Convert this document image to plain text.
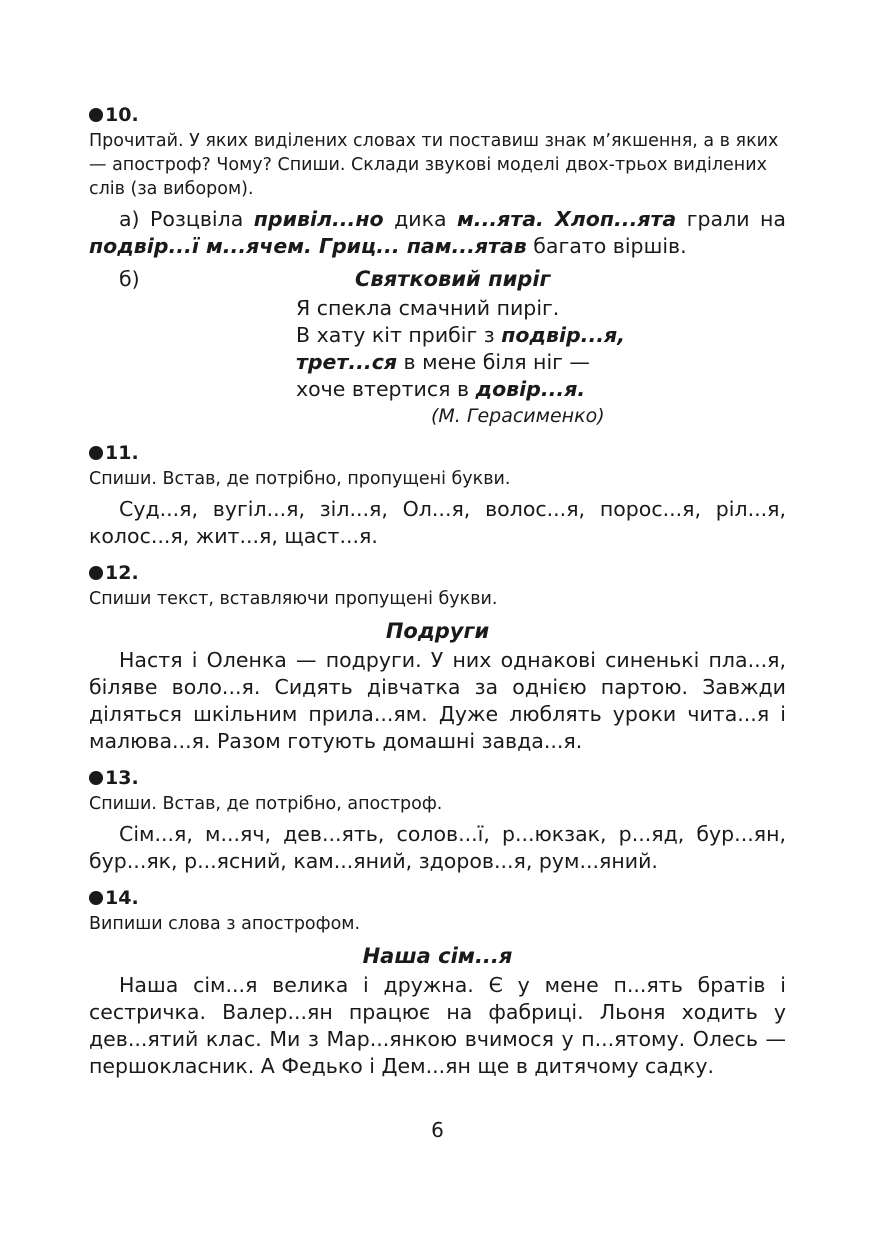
10.
Прочитай. У яких виділених словах ти поставиш знак м’якшення, а в яких — апостроф? Чому? Спиши. Склади звукові моделі двох-трьох виділених слів (за вибором).
а) Розцвіла привіл...но дика м...ята. Хлоп...ята грали на подвір...ї м...ячем. Гриц... пам...ятав багато віршів.
б)	Святковий пиріг
Я спекла смачний пиріг.
В хату кіт прибіг з подвір...я,
трет...ся в мене біля ніг —
хоче втертися в довір...я.
(М. Герасименко)
11.
Спиши. Встав, де потрібно, пропущені букви.
Суд...я, вугіл...я, зіл...я, Ол...я, волос...я, порос...я, ріл...я, колос...я, жит...я, щаст...я.
12.
Спиши текст, вставляючи пропущені букви.
Подруги
Настя і Оленка — подруги. У них однакові синенькі пла...я, біляве воло...я. Сидять дівчатка за однією партою. Завжди діляться шкільним прила...ям. Дуже люблять уроки чита...я і малюва...я. Разом готують домашні завда...я.
13.
Спиши. Встав, де потрібно, апостроф.
Сім...я, м...яч, дев...ять, солов...ї, р...юкзак, р...яд, бур...ян, бур...як, р...ясний, кам...яний, здоров...я, рум...яний.
14.
Випиши слова з апострофом.
Наша сім...я
Наша сім...я велика і дружна. Є у мене п...ять братів і сестричка. Валер...ян працює на фабриці. Льоня ходить у дев...ятий клас. Ми з Мар...янкою вчимося у п...ятому. Олесь — першокласник. А Федько і Дем...ян ще в дитячому садку.
6
